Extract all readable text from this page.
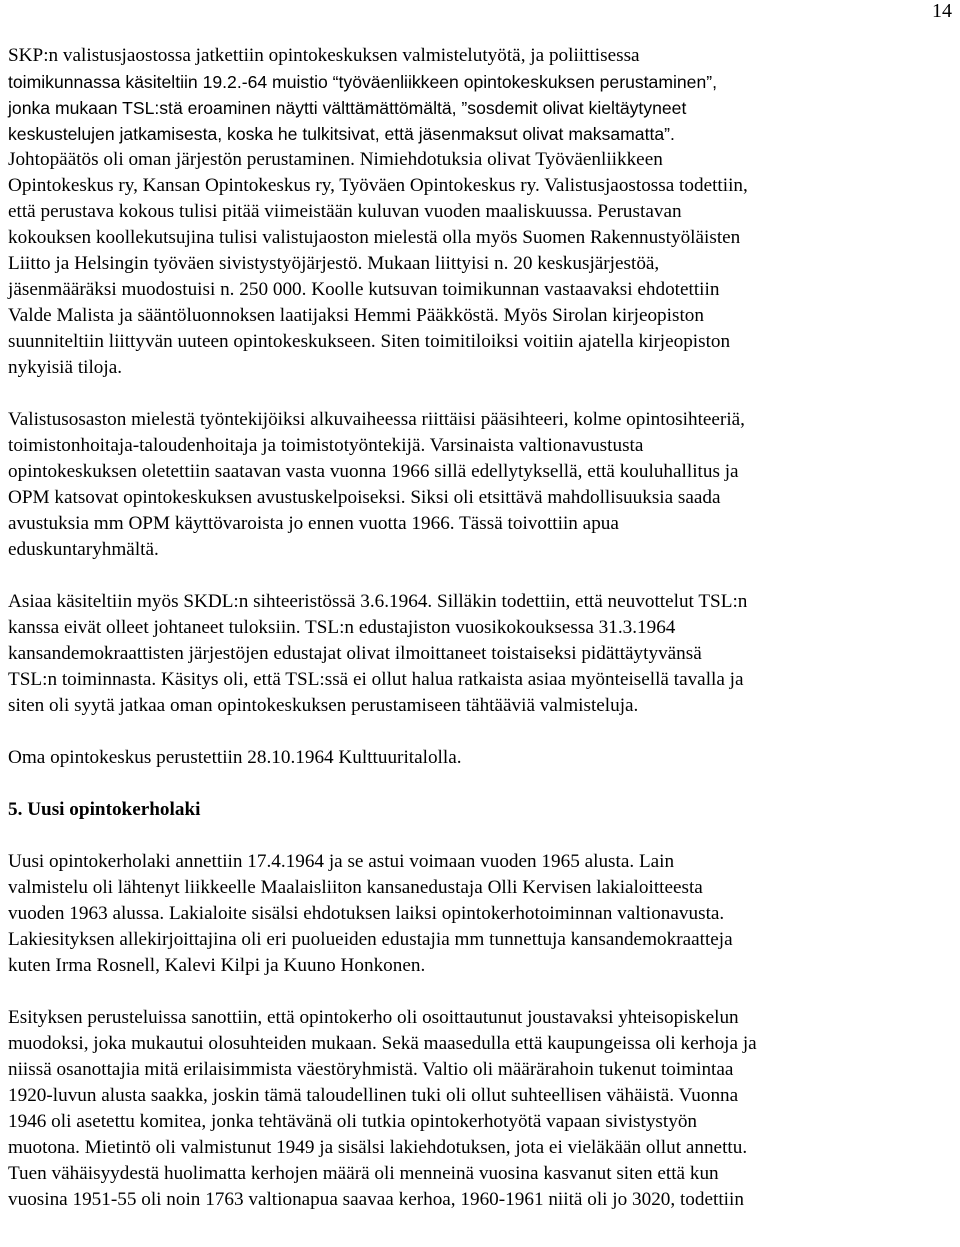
14
SKP:n valistusjaostossa jatkettiin opintokeskuksen valmistelutyötä, ja poliittisessa
toimikunnassa käsiteltiin 19.2.-64 muistio “työväenliikkeen opintokeskuksen perustaminen”,
jonka mukaan TSL:stä eroaminen näytti välttämättömältä, ”sosdemit olivat kieltäytyneet
keskustelujen jatkamisesta, koska he tulkitsivat, että jäsenmaksut olivat maksamatta”.
Johtopäätös oli oman järjestön perustaminen. Nimiehdotuksia olivat Työväenliikkeen
Opintokeskus ry, Kansan Opintokeskus ry, Työväen Opintokeskus ry. Valistusjaostossa todettiin,
että perustava kokous tulisi pitää viimeistään kuluvan vuoden maaliskuussa. Perustavan
kokouksen koollekutsujina tulisi valistujaoston mielestä olla myös Suomen Rakennustyöläisten
Liitto ja Helsingin työväen sivistystyöjärjestö. Mukaan liittyisi n. 20 keskusjärjestöä,
jäsenmääräksi muodostuisi n. 250 000. Koolle kutsuvan toimikunnan vastaavaksi ehdotettiin
Valde Malista ja sääntöluonnoksen laatijaksi Hemmi Pääkköstä. Myös Sirolan kirjeopiston
suunniteltiin liittyvän uuteen opintokeskukseen. Siten toimitiloiksi voitiin ajatella kirjeopiston
nykyisiä tiloja.
Valistusosaston mielestä työntekijöiksi alkuvaiheessa riittäisi pääsihteeri, kolme opintosihteeriä,
toimistonhoitaja-taloudenhoitaja ja toimistotyöntekijä. Varsinaista valtionavustusta
opintokeskuksen oletettiin saatavan vasta vuonna 1966 sillä edellytyksellä, että kouluhallitus ja
OPM katsovat opintokeskuksen avustuskelpoiseksi. Siksi oli etsittävä mahdollisuuksia saada
avustuksia mm OPM käyttövaroista jo ennen vuotta 1966. Tässä toivottiin apua
eduskuntaryhmältä.
Asiaa käsiteltiin myös SKDL:n sihteeristössä 3.6.1964. Silläkin todettiin, että neuvottelut TSL:n
kanssa eivät olleet johtaneet tuloksiin. TSL:n edustajiston vuosikokouksessa 31.3.1964
kansandemokraattisten järjestöjen edustajat olivat ilmoittaneet toistaiseksi pidättäytyvänsä
TSL:n toiminnasta. Käsitys oli, että TSL:ssä ei ollut halua ratkaista asiaa myönteisellä tavalla ja
siten oli syytä jatkaa oman opintokeskuksen perustamiseen tähtääviä valmisteluja.
Oma opintokeskus perustettiin 28.10.1964 Kulttuuritalolla.
5. Uusi opintokerholaki
Uusi opintokerholaki annettiin 17.4.1964 ja se astui voimaan vuoden 1965 alusta. Lain
valmistelu oli lähtenyt liikkeelle Maalaisliiton kansanedustaja Olli Kervisen lakialoitteesta
vuoden 1963 alussa. Lakialoite sisälsi ehdotuksen laiksi opintokerhotoiminnan valtionavusta.
Lakiesityksen allekirjoittajina oli eri puolueiden edustajia mm tunnettuja kansandemokraatteja
kuten Irma Rosnell, Kalevi Kilpi ja Kuuno Honkonen.
Esityksen perusteluissa sanottiin, että opintokerho oli osoittautunut joustavaksi yhteisopiskelun
muodoksi, joka mukautui olosuhteiden mukaan. Sekä maasedulla että kaupungeissa oli kerhoja ja
niissä osanottajia mitä erilaisimmista väestöryhmistä. Valtio oli määrärahoin tukenut toimintaa
1920-luvun alusta saakka, joskin tämä taloudellinen tuki oli ollut suhteellisen vähäistä. Vuonna
1946 oli asetettu komitea, jonka tehtävänä oli tutkia opintokerhotyötä vapaan sivistystyön
muotona. Mietintö oli valmistunut 1949 ja sisälsi lakiehdotuksen, jota ei vieläkään ollut annettu.
Tuen vähäisyydestä huolimatta kerhojen määrä oli menneinä vuosina kasvanut siten että kun
vuosina 1951-55 oli noin 1763 valtionapua saavaa kerhoa, 1960-1961 niitä oli jo 3020, todettiin
